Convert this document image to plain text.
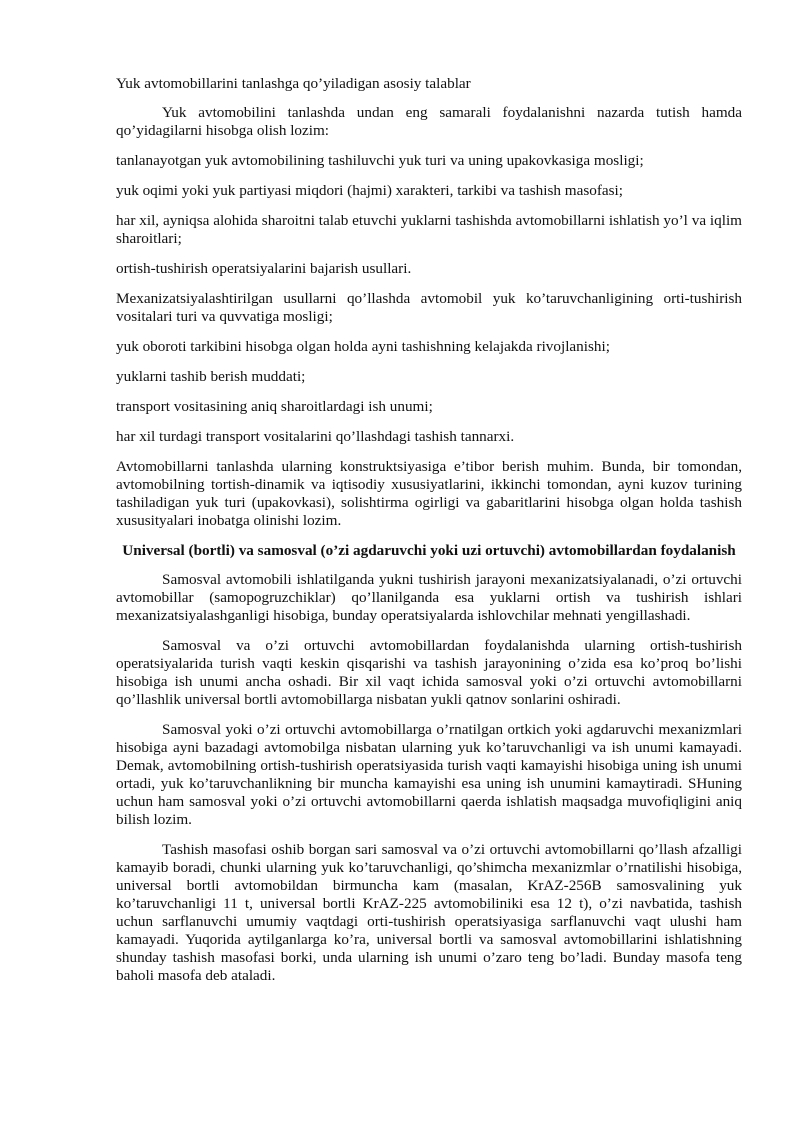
Yuk avtomobillarini tanlashga qo’yiladigan asosiy talablar

Yuk avtomobilini tanlashda undan eng samarali foydalanishni nazarda tutish hamda qo’yidagilarni hisobga olish lozim:

tanlanayotgan yuk avtomobilining tashiluvchi yuk turi va uning upakovkasiga mosligi;

yuk oqimi yoki yuk partiyasi miqdori (hajmi) xarakteri, tarkibi va tashish masofasi;

har xil, ayniqsa alohida sharoitni talab etuvchi yuklarni tashishda avtomobillarni ishlatish yo’l va iqlim sharoitlari;

ortish-tushirish operatsiyalarini bajarish usullari.

Mexanizatsiyalashtirilgan usullarni qo’llashda avtomobil yuk ko’taruvchanligining orti-tushirish vositalari turi va quvvatiga mosligi;

yuk oboroti tarkibini hisobga olgan holda ayni tashishning kelajakda rivojlanishi;

yuklarni tashib berish muddati;

transport vositasining aniq sharoitlardagi ish unumi;

har xil turdagi transport vositalarini qo’llashdagi tashish tannarxi.

Avtomobillarni tanlashda ularning konstruktsiyasiga e’tibor berish muhim. Bunda, bir tomondan, avtomobilning tortish-dinamik va iqtisodiy xususiyatlarini, ikkinchi tomondan, ayni kuzov turining tashiladigan yuk turi (upakovkasi), solishtirma ogirligi va gabaritlarini hisobga olgan holda tashish xususityalari inobatga olinishi lozim.

Universal (bortli) va samosval (o’zi agdaruvchi yoki uzi ortuvchi) avtomobillardan foydalanish

Samosval avtomobili ishlatilganda yukni tushirish jarayoni mexanizatsiyalanadi, o’zi ortuvchi avtomobillar (samopogruzchiklar) qo’llanilganda esa yuklarni ortish va tushirish ishlari mexanizatsiyalashganligi hisobiga, bunday operatsiyalarda ishlovchilar mehnati yengillashadi.

Samosval va o’zi ortuvchi avtomobillardan foydalanishda ularning ortish-tushirish operatsiyalarida turish vaqti keskin qisqarishi va tashish jarayonining o’zida esa ko’proq bo’lishi hisobiga ish unumi ancha oshadi. Bir xil vaqt ichida samosval yoki o’zi ortuvchi avtomobillarni qo’llashlik universal bortli avtomobillarga nisbatan yukli qatnov sonlarini oshiradi.

Samosval yoki o’zi ortuvchi avtomobillarga o’rnatilgan ortkich yoki agdaruvchi mexanizmlari hisobiga ayni bazadagi avtomobilga nisbatan ularning yuk ko’taruvchanligi va ish unumi kamayadi. Demak, avtomobilning ortish-tushirish operatsiyasida turish vaqti kamayishi hisobiga uning ish unumi ortadi, yuk ko’taruvchanlikning bir muncha kamayishi esa uning ish unumini kamaytiradi. SHuning uchun ham samosval yoki o’zi ortuvchi avtomobillarni qaerda ishlatish maqsadga muvofiqligini aniq bilish lozim.

Tashish masofasi oshib borgan sari samosval va o’zi ortuvchi avtomobillarni qo’llash afzalligi kamayib boradi, chunki ularning yuk ko’taruvchanligi, qo’shimcha mexanizmlar o’rnatilishi hisobiga, universal bortli avtomobildan birmuncha kam (masalan, KrAZ-256B samosvalining yuk ko’taruvchanligi 11 t, universal bortli KrAZ-225 avtomobiliniki esa 12 t), o’zi navbatida, tashish uchun sarflanuvchi umumiy vaqtdagi orti-tushirish operatsiyasiga sarflanuvchi vaqt ulushi ham kamayadi. Yuqorida aytilganlarga ko’ra, universal bortli va samosval avtomobillarini ishlatishning shunday tashish masofasi borki, unda ularning ish unumi o’zaro teng bo’ladi. Bunday masofa teng baholi masofa deb ataladi.
